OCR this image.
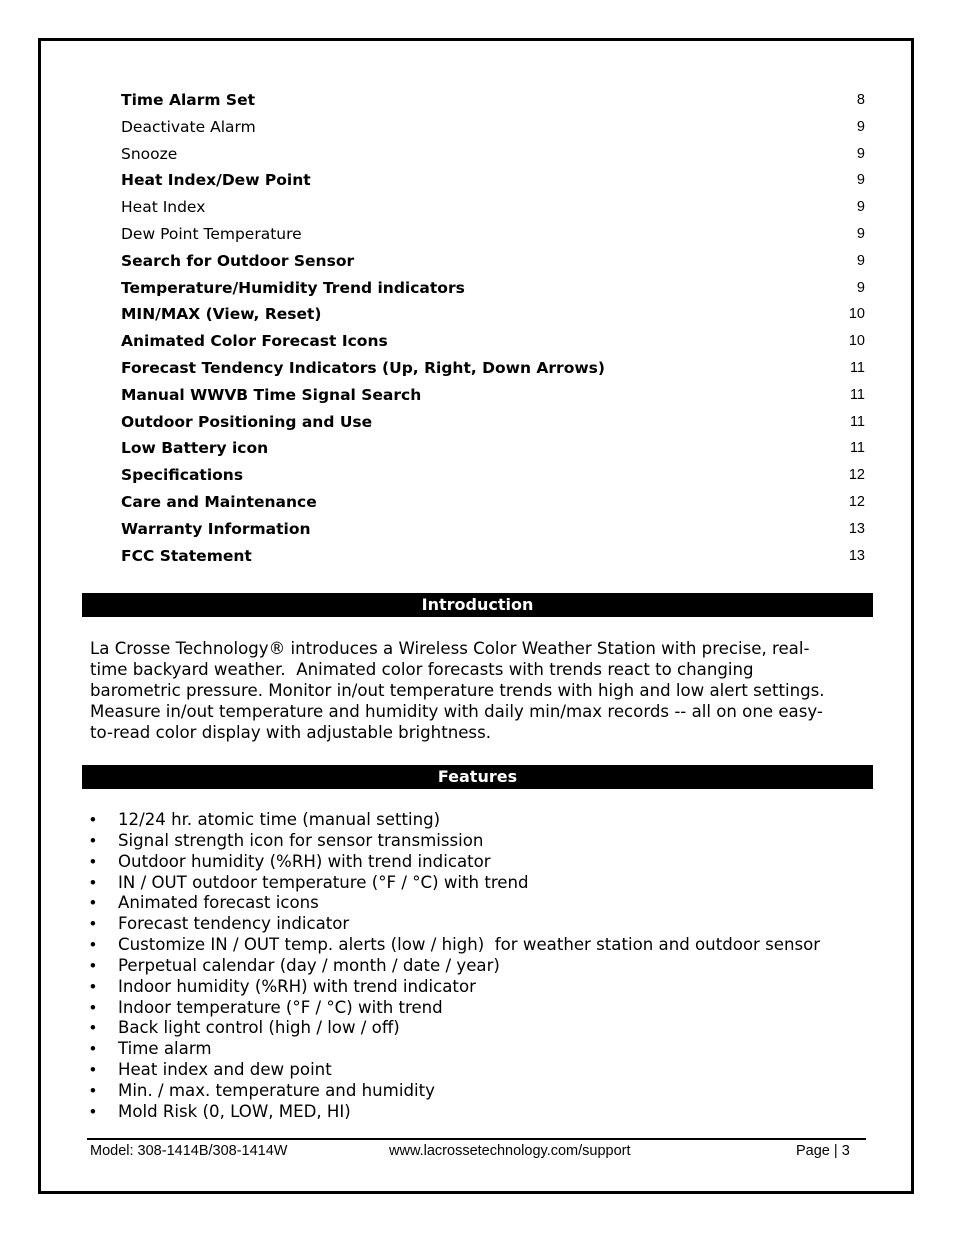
Time Alarm Set	8
Deactivate Alarm	9
Snooze	9
Heat Index/Dew Point	9
Heat Index	9
Dew Point Temperature	9
Search for Outdoor Sensor	9
Temperature/Humidity Trend indicators	9
MIN/MAX (View, Reset)	10
Animated Color Forecast Icons	10
Forecast Tendency Indicators (Up, Right, Down Arrows)	11
Manual WWVB Time Signal Search	11
Outdoor Positioning and Use	11
Low Battery icon	11
Specifications	12
Care and Maintenance	12
Warranty Information	13
FCC Statement	13
Introduction
La Crosse Technology® introduces a Wireless Color Weather Station with precise, real-
time backyard weather.  Animated color forecasts with trends react to changing
barometric pressure. Monitor in/out temperature trends with high and low alert settings.
Measure in/out temperature and humidity with daily min/max records -- all on one easy-
to-read color display with adjustable brightness.
Features
• 12/24 hr. atomic time (manual setting)
• Signal strength icon for sensor transmission
• Outdoor humidity (%RH) with trend indicator
• IN / OUT outdoor temperature (°F / °C) with trend
• Animated forecast icons
• Forecast tendency indicator
• Customize IN / OUT temp. alerts (low / high)  for weather station and outdoor sensor
• Perpetual calendar (day / month / date / year)
• Indoor humidity (%RH) with trend indicator
• Indoor temperature (°F / °C) with trend
• Back light control (high / low / off)
• Time alarm
• Heat index and dew point
• Min. / max. temperature and humidity
• Mold Risk (0, LOW, MED, HI)
Model: 308-1414B/308-1414W	www.lacrossetechnology.com/support	Page | 3
